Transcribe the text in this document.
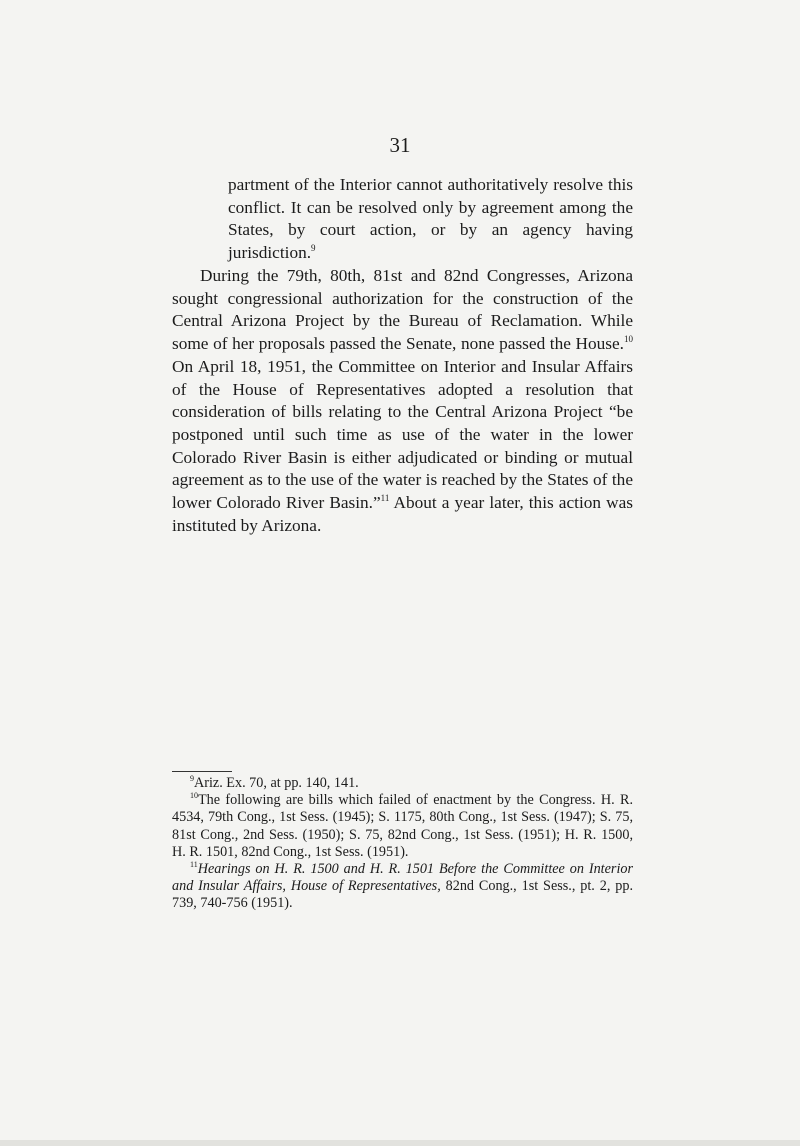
31
partment of the Interior cannot authoritatively resolve this conflict. It can be resolved only by agreement among the States, by court action, or by an agency having jurisdiction.$^9$
During the 79th, 80th, 81st and 82nd Congresses, Arizona sought congressional authorization for the construction of the Central Arizona Project by the Bureau of Reclamation. While some of her proposals passed the Senate, none passed the House.$^{10}$ On April 18, 1951, the Committee on Interior and Insular Affairs of the House of Representatives adopted a resolution that consideration of bills relating to the Central Arizona Project “be postponed until such time as use of the water in the lower Colorado River Basin is either adjudicated or binding or mutual agreement as to the use of the water is reached by the States of the lower Colorado River Basin.”$^{11}$ About a year later, this action was instituted by Arizona.

$^9$Ariz. Ex. 70, at pp. 140, 141.

$^{10}$The following are bills which failed of enactment by the Congress. H. R. 4534, 79th Cong., 1st Sess. (1945); S. 1175, 80th Cong., 1st Sess. (1947); S. 75, 81st Cong., 2nd Sess. (1950); S. 75, 82nd Cong., 1st Sess. (1951); H. R. 1500, H. R. 1501, 82nd Cong., 1st Sess. (1951).

$^{11}$Hearings on H. R. 1500 and H. R. 1501 Before the Committee on Interior and Insular Affairs, House of Representatives, 82nd Cong., 1st Sess., pt. 2, pp. 739, 740-756 (1951).
